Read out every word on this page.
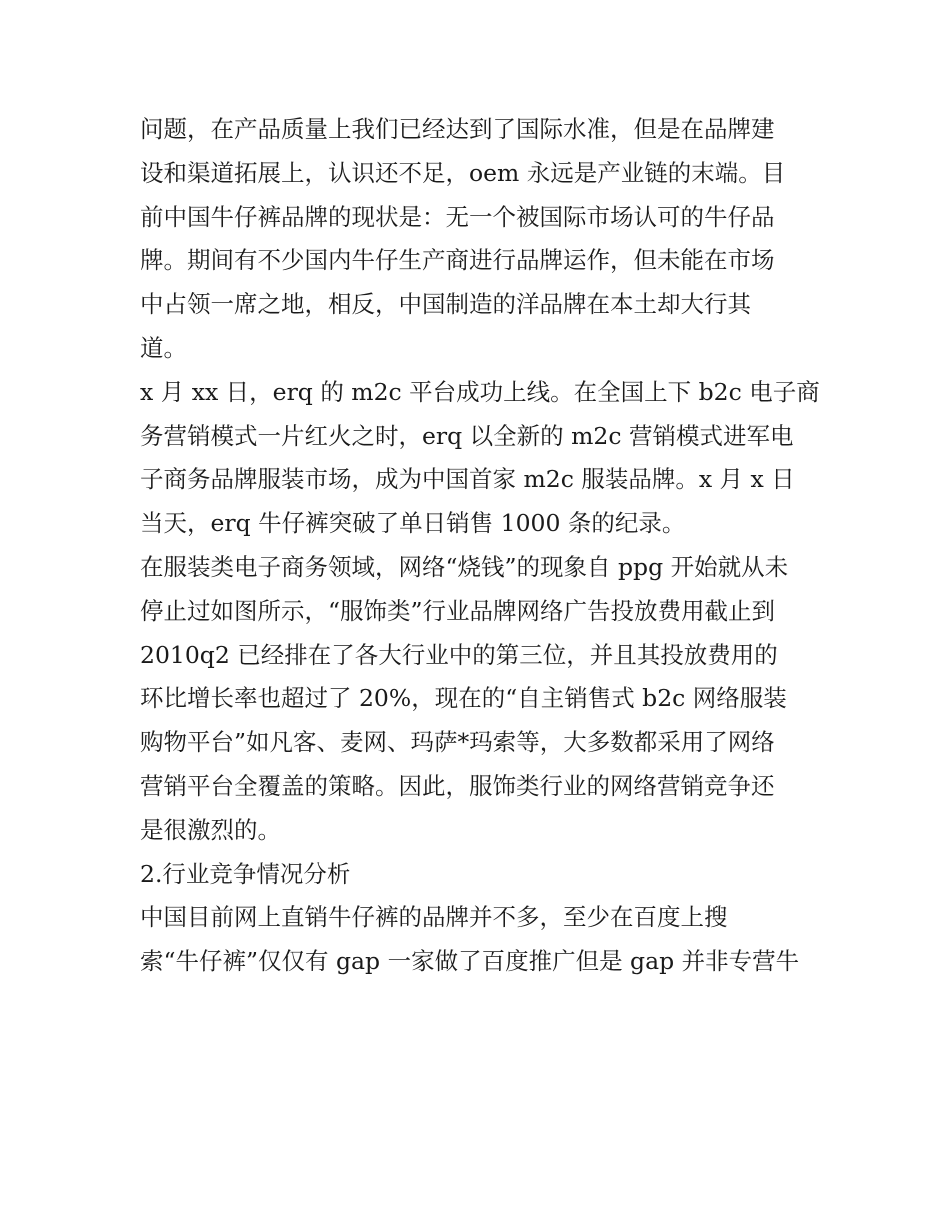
问题，在产品质量上我们已经达到了国际水准，但是在品牌建
设和渠道拓展上，认识还不足，oem 永远是产业链的末端。目
前中国牛仔裤品牌的现状是：无一个被国际市场认可的牛仔品
牌。期间有不少国内牛仔生产商进行品牌运作，但未能在市场
中占领一席之地，相反，中国制造的洋品牌在本土却大行其
道。
x 月 xx 日，erq 的 m2c 平台成功上线。在全国上下 b2c 电子商
务营销模式一片红火之时，erq 以全新的 m2c 营销模式进军电
子商务品牌服装市场，成为中国首家 m2c 服装品牌。x 月 x 日
当天，erq 牛仔裤突破了单日销售 1000 条的纪录。
在服装类电子商务领域，网络“烧钱”的现象自 ppg 开始就从未
停止过如图所示，“服饰类”行业品牌网络广告投放费用截止到
2010q2 已经排在了各大行业中的第三位，并且其投放费用的
环比增长率也超过了 20%，现在的“自主销售式 b2c 网络服装
购物平台”如凡客、麦网、玛萨*玛索等，大多数都采用了网络
营销平台全覆盖的策略。因此，服饰类行业的网络营销竞争还
是很激烈的。
2.行业竞争情况分析
中国目前网上直销牛仔裤的品牌并不多，至少在百度上搜
索“牛仔裤”仅仅有 gap 一家做了百度推广但是 gap 并非专营牛
